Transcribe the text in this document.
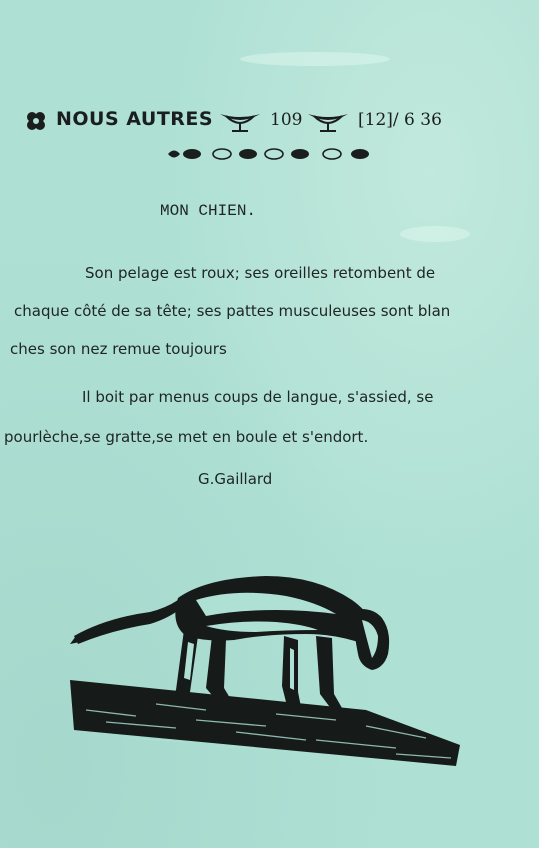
NOUS AUTRES	109	[12]/ 6 36
MON CHIEN.
Son pelage est roux; ses oreilles retombent de
chaque côté de sa tête; ses pattes musculeuses sont blan
ches son nez remue toujours
Il boit par menus coups de langue, s'assied, se
pourlèche,se gratte,se met en boule et s'endort.
G.Gaillard
